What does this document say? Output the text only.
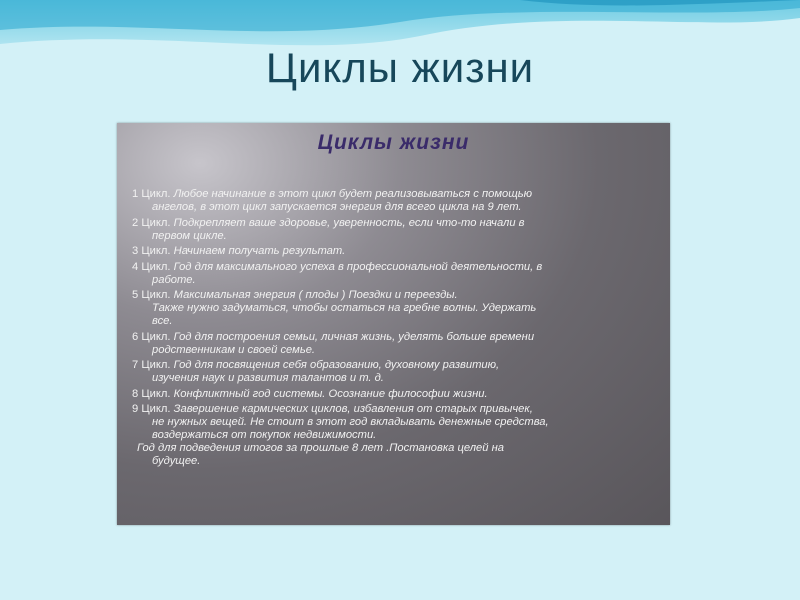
Циклы жизни
Циклы жизни
1 Цикл. Любое начинание в этот цикл будет реализовываться с помощью
ангелов, в этот цикл запускается энергия для всего цикла на 9 лет.
2 Цикл. Подкрепляет ваше здоровье, уверенность, если что-то начали в
первом цикле.
3 Цикл. Начинаем получать результат.
4 Цикл. Год для максимального успеха в профессиональной деятельности, в
работе.
5 Цикл. Максимальная энергия ( плоды ) Поездки и переезды.
Также нужно задуматься, чтобы остаться на гребне волны. Удержать
все.
6 Цикл. Год для построения семьи, личная жизнь, уделять больше времени
родственникам и своей семье.
7 Цикл. Год для посвящения себя образованию, духовному развитию,
изучения наук и развития талантов и т. д.
8 Цикл. Конфликтный год системы. Осознание философии жизни.
9 Цикл. Завершение кармических циклов, избавления от старых привычек,
не нужных вещей. Не стоит в этот год вкладывать денежные средства,
воздержаться от покупок недвижимости.
Год для подведения итогов за прошлые 8 лет .Постановка целей на
будущее.
